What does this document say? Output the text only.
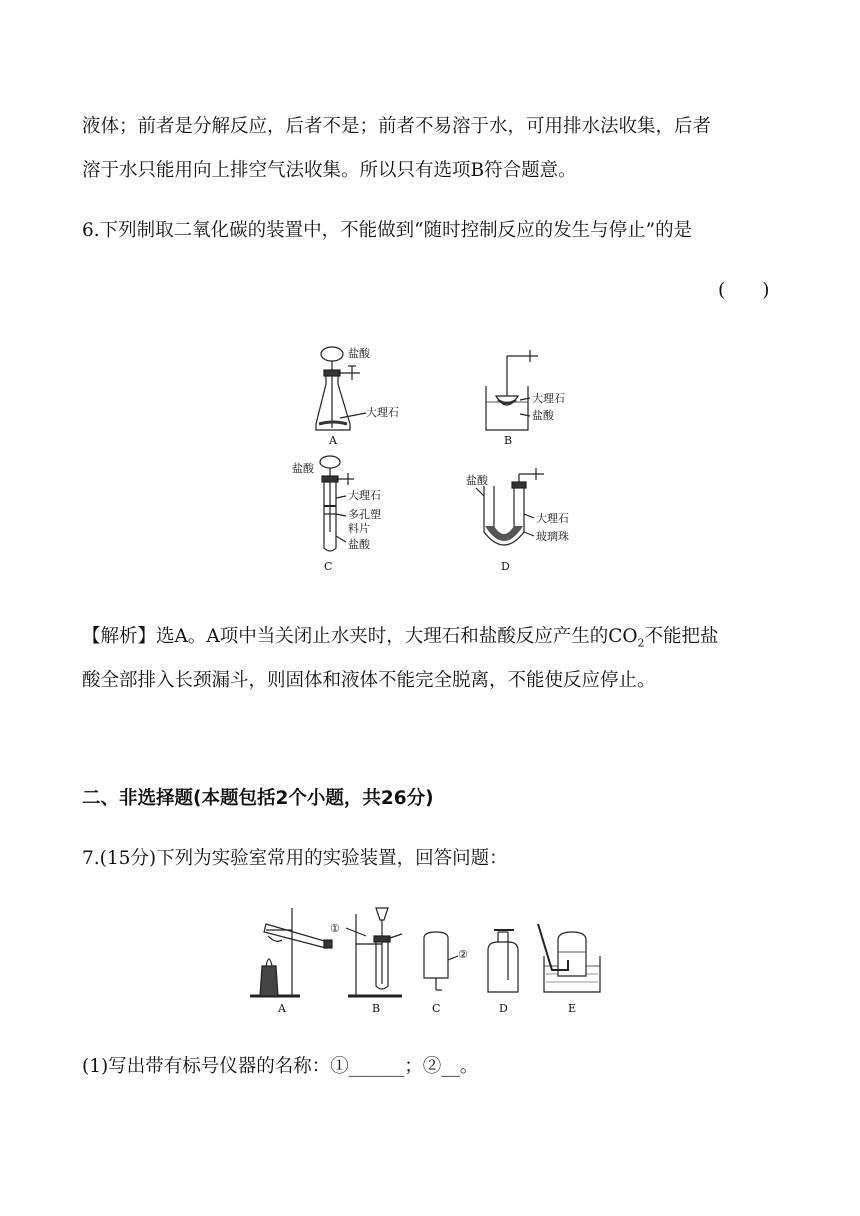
液体；前者是分解反应，后者不是；前者不易溶于水，可用排水法收集，后者
溶于水只能用向上排空气法收集。所以只有选项B符合题意。
6.下列制取二氧化碳的装置中，不能做到“随时控制反应的发生与停止”的是
(　　)
盐酸
大理石
A
大理石
盐酸
B
盐酸
大理石
多孔塑
料片
盐酸
C
盐酸
大理石
玻璃珠
D
【解析】选A。A项中当关闭止水夹时，大理石和盐酸反应产生的$CO_2$不能把盐
酸全部排入长颈漏斗，则固体和液体不能完全脱离，不能使反应停止。
二、非选择题(本题包括2个小题，共26分)
7.(15分)下列为实验室常用的实验装置，回答问题：
A
①
B
②
C	D	E
(1)写出带有标号仪器的名称：①______；②__。
